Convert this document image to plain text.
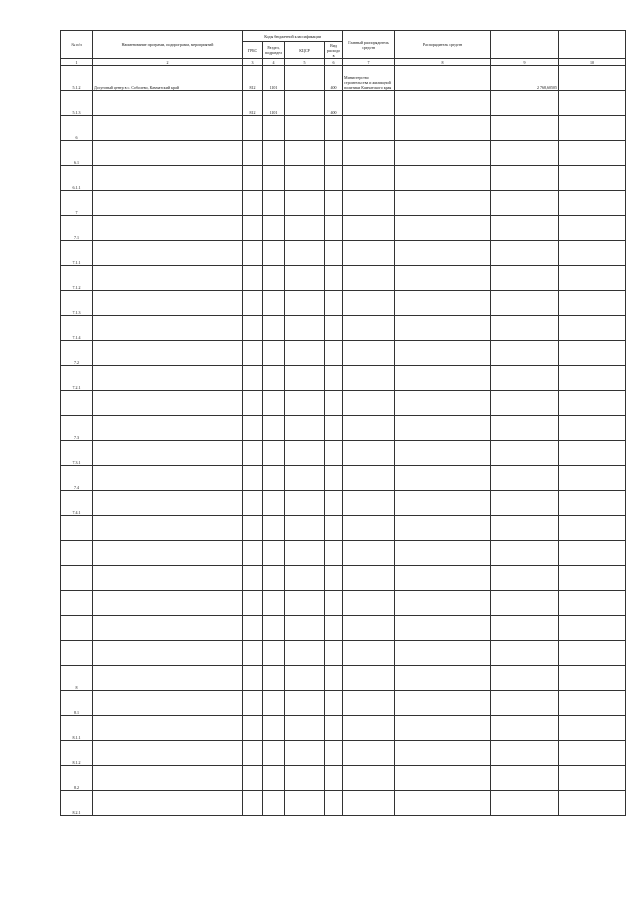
№ п/п	Наименование программ, подпрограмм, мероприятий	Коды бюджетной классификации				Главный распорядитель средств	Распорядитель средств		
		ГРБС	Раздел, подраздел	КЦСР	Вид расходов				
1	2	3	4	5	6	7	8	9	10
5.1.2	Досуговый центр в с. Соболево, Камчатский край	812	1101		400	Министерство строительства и жилищной политики Камчатского края		2 768,60505	
5.1.3		812	1101		400				
6									
6.1									
6.1.1									
7									
7.1									
7.1.1									
7.1.2									
7.1.3									
7.1.4									
7.2									
7.2.1									

7.3									
7.3.1									
7.4									
7.4.1									

8									
8.1									
8.1.1									
8.1.2									
8.2									
8.2.1									
